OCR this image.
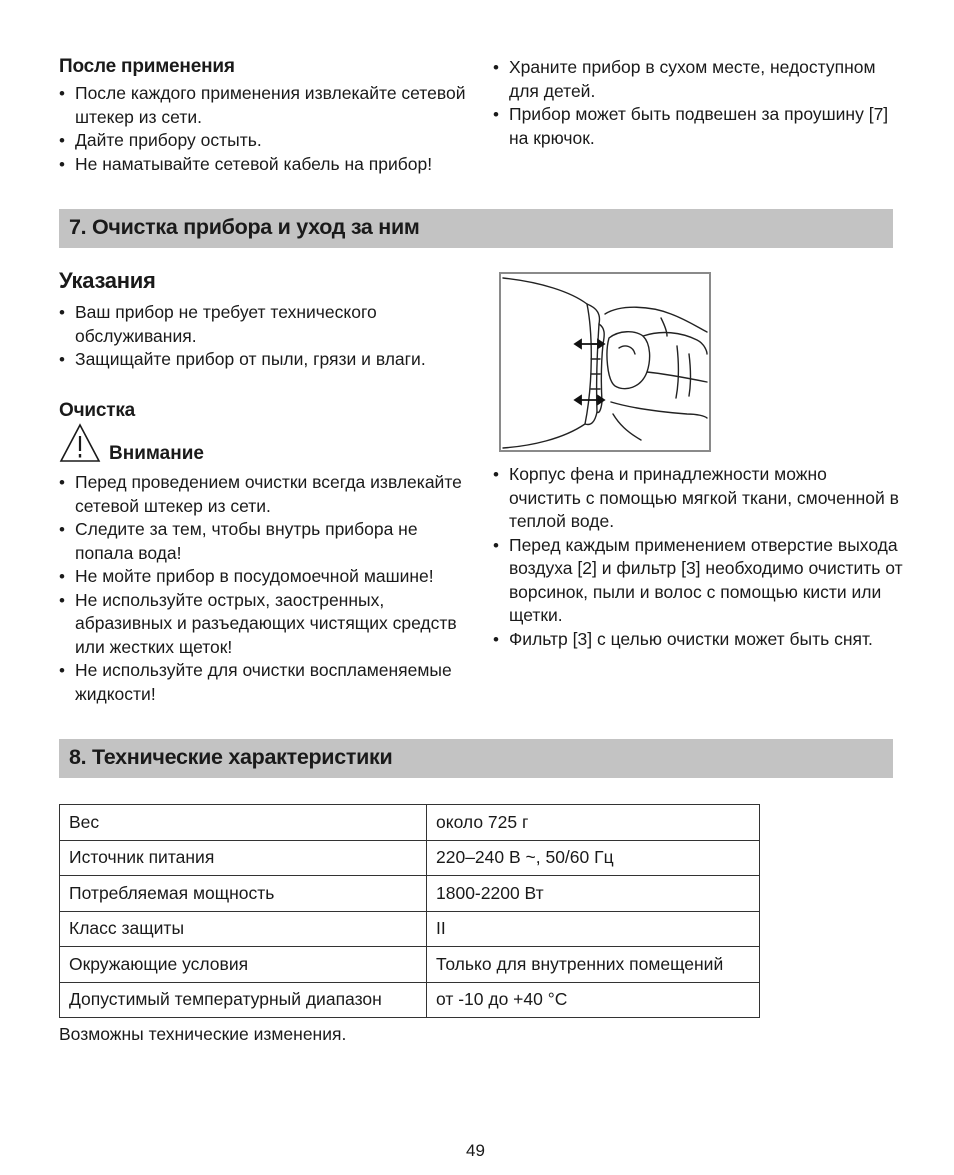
После применения
• После каждого применения извлекайте сетевой штекер из сети.
• Дайте прибору остыть.
• Не наматывайте сетевой кабель на прибор!
• Храните прибор в сухом месте, недоступном для детей.
• Прибор может быть подвешен за проушину [7] на крючок.
7. Очистка прибора и уход за ним
Указания
• Ваш прибор не требует технического обслуживания.
• Защищайте прибор от пыли, грязи и влаги.
Очистка
Внимание
• Перед проведением очистки всегда извлекайте сетевой штекер из сети.
• Следите за тем, чтобы внутрь прибора не попала вода!
• Не мойте прибор в посудомоечной машине!
• Не используйте острых, заостренных, абразивных и разъедающих чистящих средств или жестких щеток!
• Не используйте для очистки воспламеняемые жидкости!
• Корпус фена и принадлежности можно очистить с помощью мягкой ткани, смоченной в теплой воде.
• Перед каждым применением отверстие выхода воздуха [2] и фильтр [3] необходимо очистить от ворсинок, пыли и волос с помощью кисти или щетки.
• Фильтр [3] с целью очистки может быть снят.
8. Технические характеристики
Вес	около 725 г
Источник питания	220–240 В ~, 50/60 Гц
Потребляемая мощность	1800-2200 Вт
Класс защиты	II
Окружающие условия	Только для внутренних помещений
Допустимый температурный диапазон	от -10 до +40 °C
Возможны технические изменения.
49
